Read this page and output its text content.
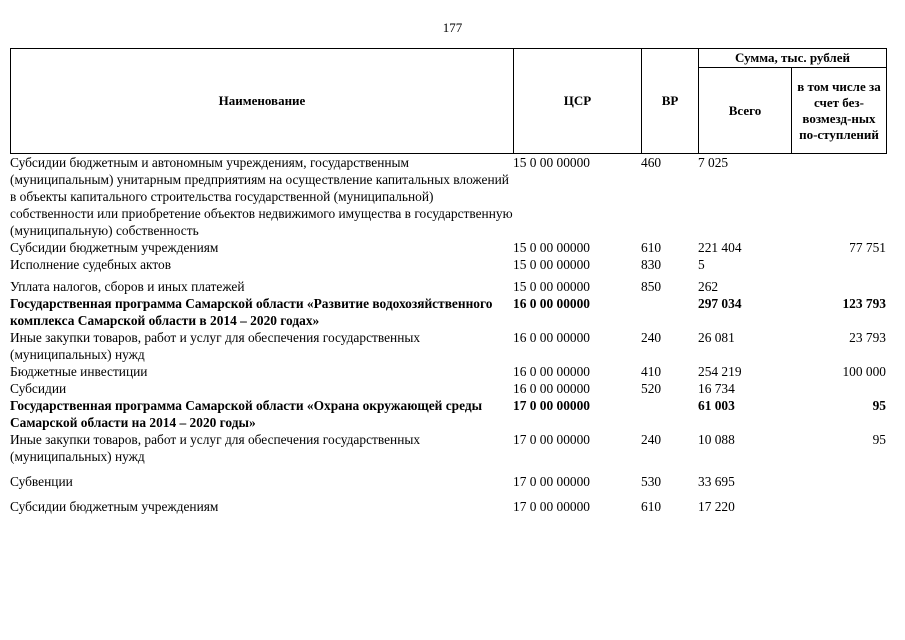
177
Наименование	ЦСР	ВР	Сумма, тыс. рублей	
			Всего	в том числе за счет без-возмезд-ных по-ступлений
Субсидии бюджетным и автономным учреждениям, государственным (муниципальным) унитарным предприятиям на осуществление капитальных вложений в объекты капитального строительства государственной (муниципальной) собственности или приобретение объектов недвижимого имущества в государственную (муниципальную) собственность	15 0 00 00000	460	7 025	
Субсидии бюджетным учреждениям	15 0 00 00000	610	221 404	77 751
Исполнение судебных актов	15 0 00 00000	830	5	
Уплата налогов, сборов и иных платежей	15 0 00 00000	850	262	
Государственная программа Самарской области «Развитие водохозяйственного комплекса Самарской области в 2014 – 2020 годах»	16 0 00 00000		297 034	123 793
Иные закупки товаров, работ и услуг для обеспечения государственных (муниципальных) нужд	16 0 00 00000	240	26 081	23 793
Бюджетные инвестиции	16 0 00 00000	410	254 219	100 000
Субсидии	16 0 00 00000	520	16 734	
Государственная программа Самарской области «Охрана окружающей среды Самарской области на 2014 – 2020 годы»	17 0 00 00000		61 003	95
Иные закупки товаров, работ и услуг для обеспечения государственных (муниципальных) нужд	17 0 00 00000	240	10 088	95
Субвенции	17 0 00 00000	530	33 695	
Субсидии бюджетным учреждениям	17 0 00 00000	610	17 220	
